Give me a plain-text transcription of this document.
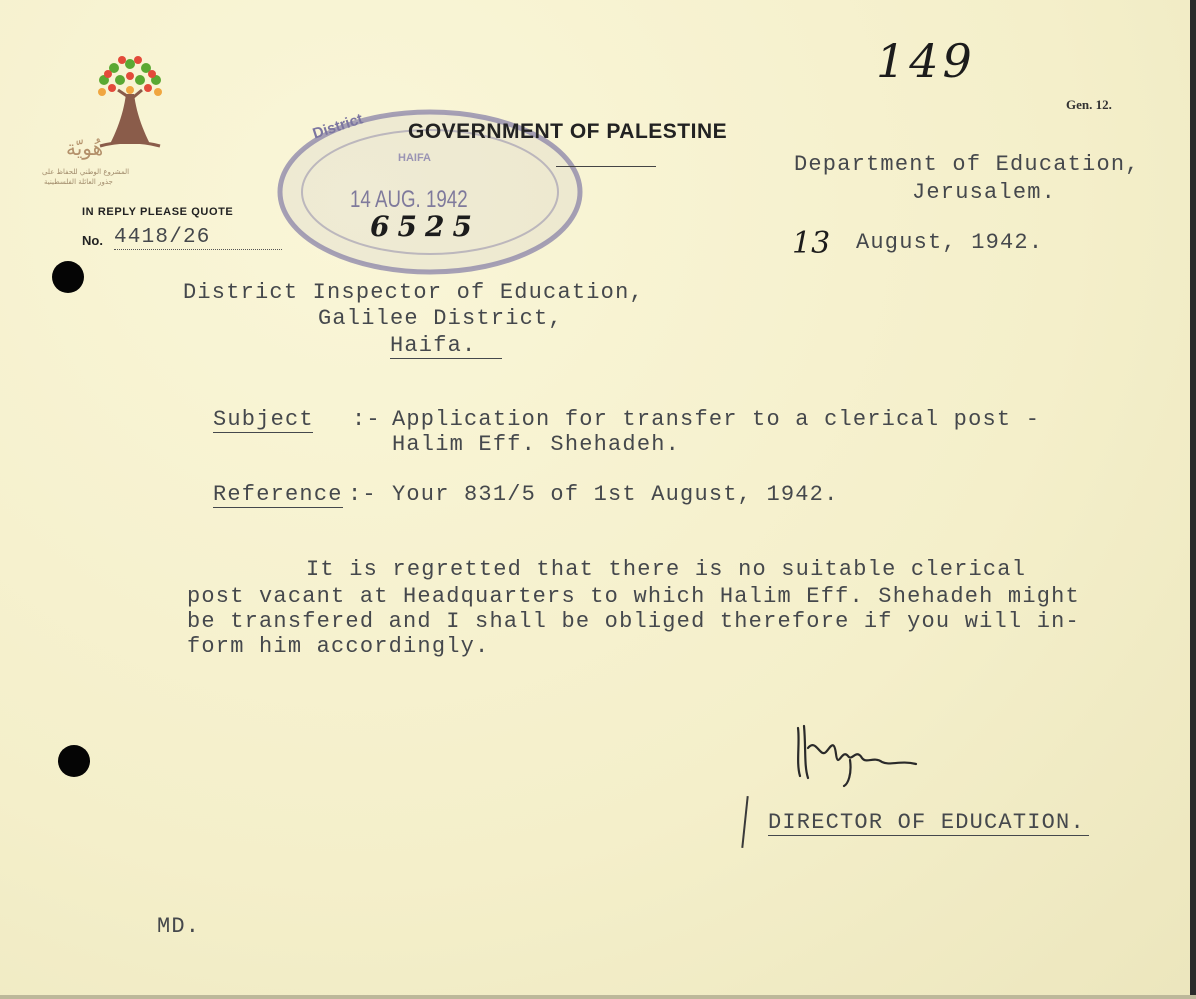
هُويّة

المشروع الوطني للحفاظ على

جذور العائلة الفلسطينية

149
Gen. 12.
District
HAIFA
14 AUG. 1942
6525
GOVERNMENT OF PALESTINE
IN REPLY PLEASE QUOTE
No. 4418/26
Department of Education,
Jerusalem.
13 August, 1942.
District Inspector of Education,
Galilee District,
Haifa.
Subject :- Application for transfer to a clerical post -
Halim Eff. Shehadeh.
Reference :- Your 831/5 of 1st August, 1942.
It is regretted that there is no suitable clerical
post vacant at Headquarters to which Halim Eff. Shehadeh might
be transfered and I shall be obliged therefore if you will in-
form him accordingly.
DIRECTOR OF EDUCATION.
MD.
